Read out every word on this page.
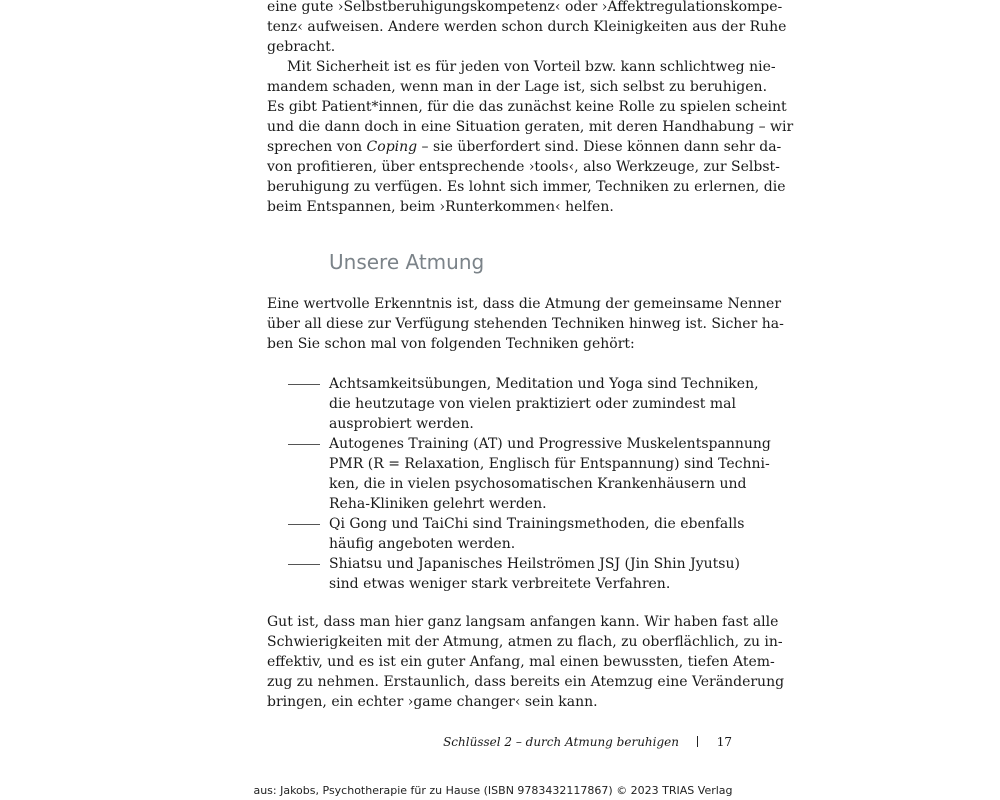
eine gute ›Selbstberuhigungskompetenz‹ oder ›Affektregulationskompe-
tenz‹ aufweisen. Andere werden schon durch Kleinigkeiten aus der Ruhe
gebracht.
Mit Sicherheit ist es für jeden von Vorteil bzw. kann schlichtweg nie-
mandem schaden, wenn man in der Lage ist, sich selbst zu beruhigen.
Es gibt Patient*innen, für die das zunächst keine Rolle zu spielen scheint
und die dann doch in eine Situation geraten, mit deren Handhabung – wir
sprechen von Coping – sie überfordert sind. Diese können dann sehr da-
von profitieren, über entsprechende ›tools‹, also Werkzeuge, zur Selbst-
beruhigung zu verfügen. Es lohnt sich immer, Techniken zu erlernen, die
beim Entspannen, beim ›Runterkommen‹ helfen.
Unsere Atmung
Eine wertvolle Erkenntnis ist, dass die Atmung der gemeinsame Nenner
über all diese zur Verfügung stehenden Techniken hinweg ist. Sicher ha-
ben Sie schon mal von folgenden Techniken gehört:
Achtsamkeitsübungen, Meditation und Yoga sind Techniken,
die heutzutage von vielen praktiziert oder zumindest mal
ausprobiert werden.
Autogenes Training (AT) und Progressive Muskelentspannung
PMR (R = Relaxation, Englisch für Entspannung) sind Techni-
ken, die in vielen psychosomatischen Krankenhäusern und
Reha-Kliniken gelehrt werden.
Qi Gong und TaiChi sind Trainingsmethoden, die ebenfalls
häufig angeboten werden.
Shiatsu und Japanisches Heilströmen JSJ (Jin Shin Jyutsu)
sind etwas weniger stark verbreitete Verfahren.
Gut ist, dass man hier ganz langsam anfangen kann. Wir haben fast alle
Schwierigkeiten mit der Atmung, atmen zu flach, zu oberflächlich, zu in-
effektiv, und es ist ein guter Anfang, mal einen bewussten, tiefen Atem-
zug zu nehmen. Erstaunlich, dass bereits ein Atemzug eine Veränderung
bringen, ein echter ›game changer‹ sein kann.
Schlüssel 2 – durch Atmung beruhigen	17
aus: Jakobs, Psychotherapie für zu Hause (ISBN 9783432117867) © 2023 TRIAS Verlag
